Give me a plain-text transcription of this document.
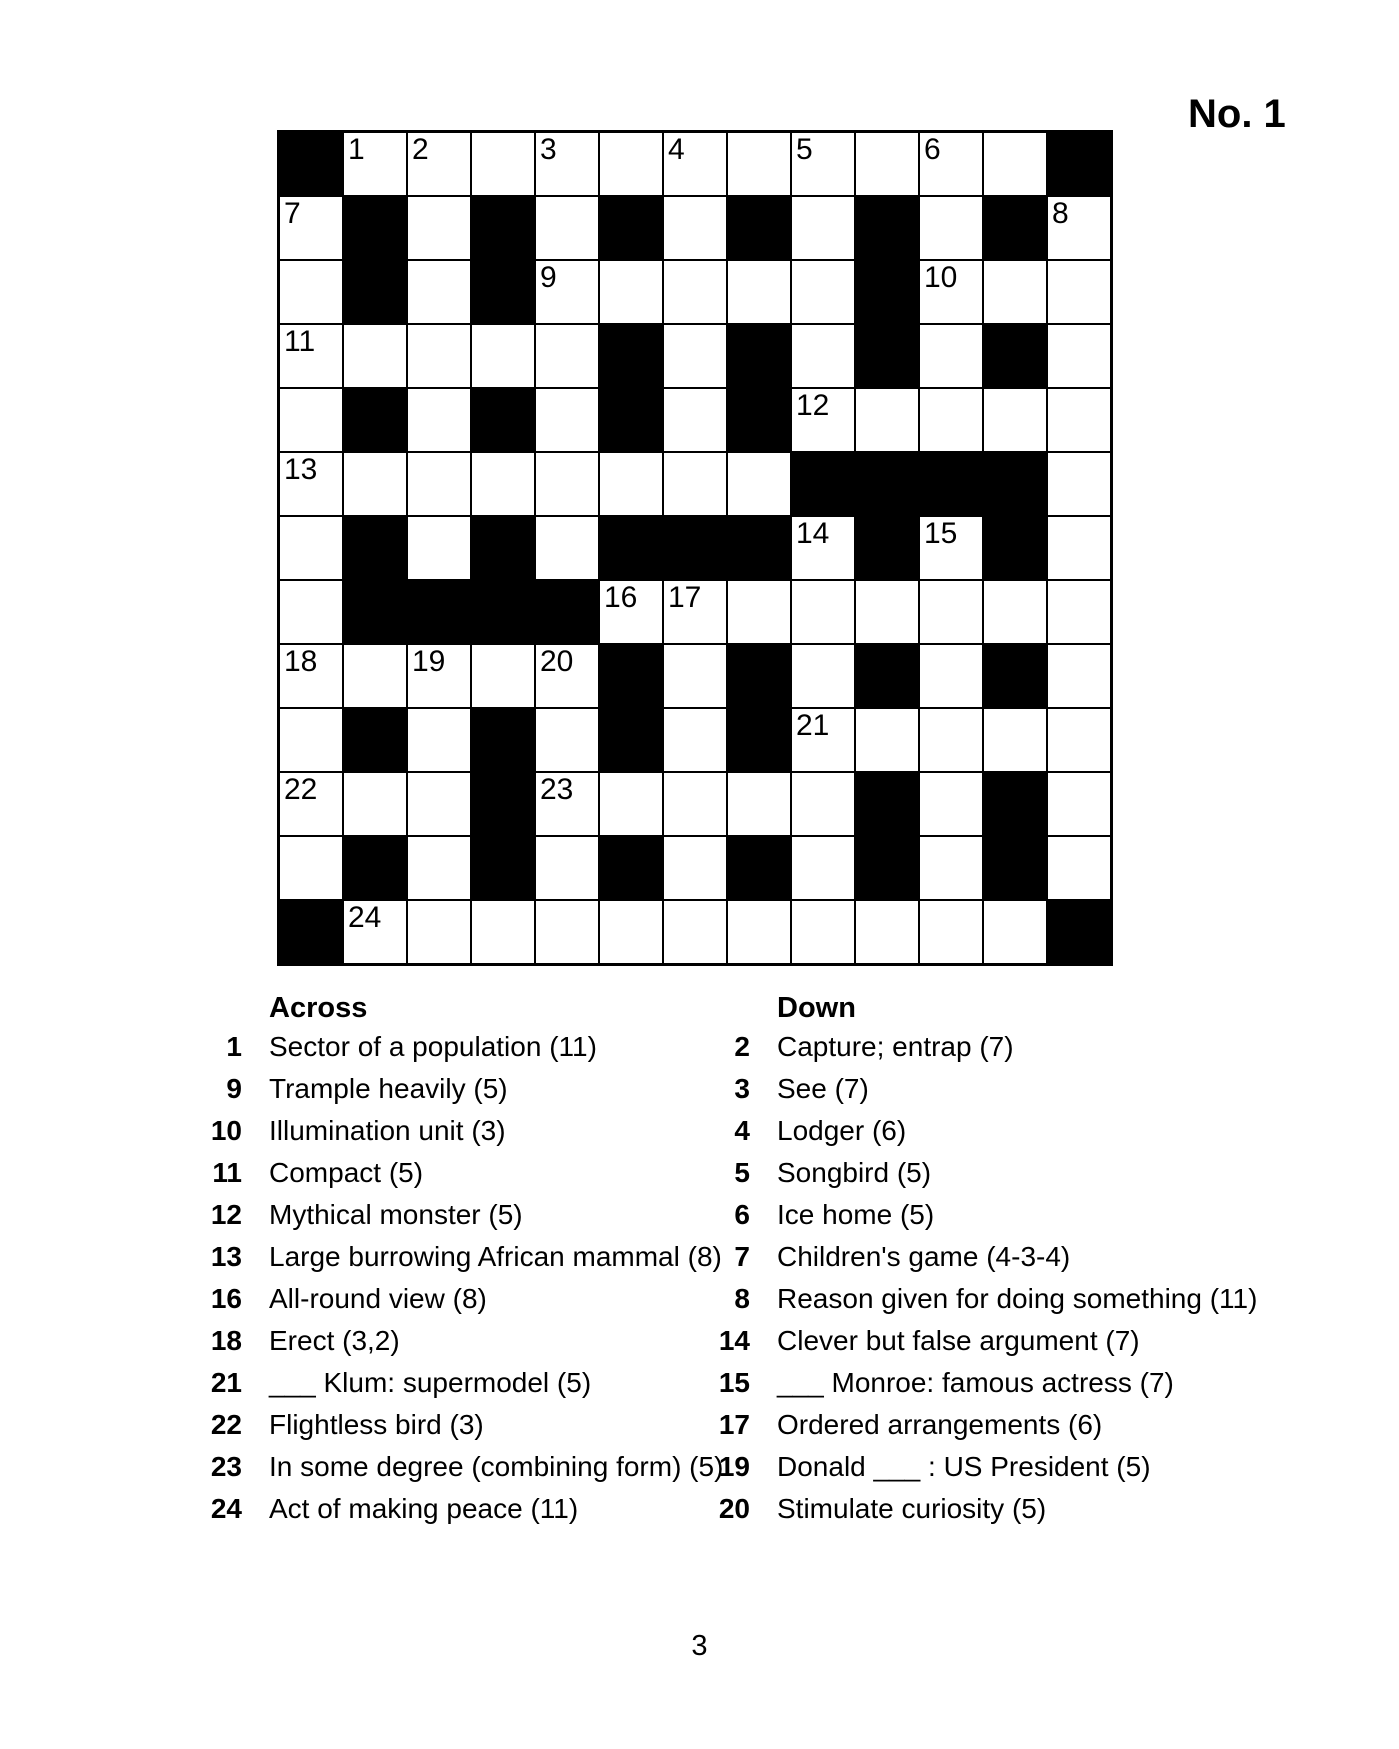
No. 1
1 2	3	4	5	6
7	8
9	10
11
12
13
14	15
16 17
18	19	20
21
22	23
24
Across
1 Sector of a population (11)
9 Trample heavily (5)
10 Illumination unit (3)
11 Compact (5)
12 Mythical monster (5)
13 Large burrowing African mammal (8)
16 All-round view (8)
18 Erect (3,2)
21 ___ Klum: supermodel (5)
22 Flightless bird (3)
23 In some degree (combining form) (5)
24 Act of making peace (11)
Down
2 Capture; entrap (7)
3 See (7)
4 Lodger (6)
5 Songbird (5)
6 Ice home (5)
7 Children's game (4-3-4)
8 Reason given for doing something (11)
14 Clever but false argument (7)
15 ___ Monroe: famous actress (7)
17 Ordered arrangements (6)
19 Donald ___ : US President (5)
20 Stimulate curiosity (5)
3
